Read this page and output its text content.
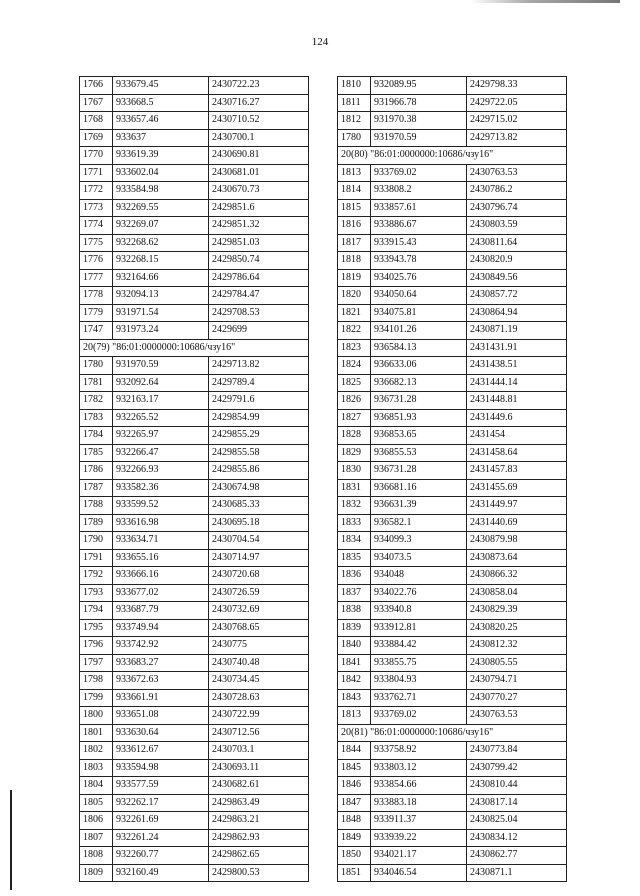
124
1766	933679.45	2430722.23
1767	933668.5	2430716.27
1768	933657.46	2430710.52
1769	933637	2430700.1
1770	933619.39	2430690.81
1771	933602.04	2430681.01
1772	933584.98	2430670.73
1773	932269.55	2429851.6
1774	932269.07	2429851.32
1775	932268.62	2429851.03
1776	932268.15	2429850.74
1777	932164.66	2429786.64
1778	932094.13	2429784.47
1779	931971.54	2429708.53
1747	931973.24	2429699
20(79) "86:01:0000000:10686/чзу16"		
1780	931970.59	2429713.82
1781	932092.64	2429789.4
1782	932163.17	2429791.6
1783	932265.52	2429854.99
1784	932265.97	2429855.29
1785	932266.47	2429855.58
1786	932266.93	2429855.86
1787	933582.36	2430674.98
1788	933599.52	2430685.33
1789	933616.98	2430695.18
1790	933634.71	2430704.54
1791	933655.16	2430714.97
1792	933666.16	2430720.68
1793	933677.02	2430726.59
1794	933687.79	2430732.69
1795	933749.94	2430768.65
1796	933742.92	2430775
1797	933683.27	2430740.48
1798	933672.63	2430734.45
1799	933661.91	2430728.63
1800	933651.08	2430722.99
1801	933630.64	2430712.56
1802	933612.67	2430703.1
1803	933594.98	2430693.11
1804	933577.59	2430682.61
1805	932262.17	2429863.49
1806	932261.69	2429863.21
1807	932261.24	2429862.93
1808	932260.77	2429862.65
1809	932160.49	2429800.53
1810	932089.95	2429798.33
1811	931966.78	2429722.05
1812	931970.38	2429715.02
1780	931970.59	2429713.82
20(80) "86:01:0000000:10686/чзу16"		
1813	933769.02	2430763.53
1814	933808.2	2430786.2
1815	933857.61	2430796.74
1816	933886.67	2430803.59
1817	933915.43	2430811.64
1818	933943.78	2430820.9
1819	934025.76	2430849.56
1820	934050.64	2430857.72
1821	934075.81	2430864.94
1822	934101.26	2430871.19
1823	936584.13	2431431.91
1824	936633.06	2431438.51
1825	936682.13	2431444.14
1826	936731.28	2431448.81
1827	936851.93	2431449.6
1828	936853.65	2431454
1829	936855.53	2431458.64
1830	936731.28	2431457.83
1831	936681.16	2431455.69
1832	936631.39	2431449.97
1833	936582.1	2431440.69
1834	934099.3	2430879.98
1835	934073.5	2430873.64
1836	934048	2430866.32
1837	934022.76	2430858.04
1838	933940.8	2430829.39
1839	933912.81	2430820.25
1840	933884.42	2430812.32
1841	933855.75	2430805.55
1842	933804.93	2430794.71
1843	933762.71	2430770.27
1813	933769.02	2430763.53
20(81) "86:01:0000000:10686/чзу16"		
1844	933758.92	2430773.84
1845	933803.12	2430799.42
1846	933854.66	2430810.44
1847	933883.18	2430817.14
1848	933911.37	2430825.04
1849	933939.22	2430834.12
1850	934021.17	2430862.77
1851	934046.54	2430871.1
